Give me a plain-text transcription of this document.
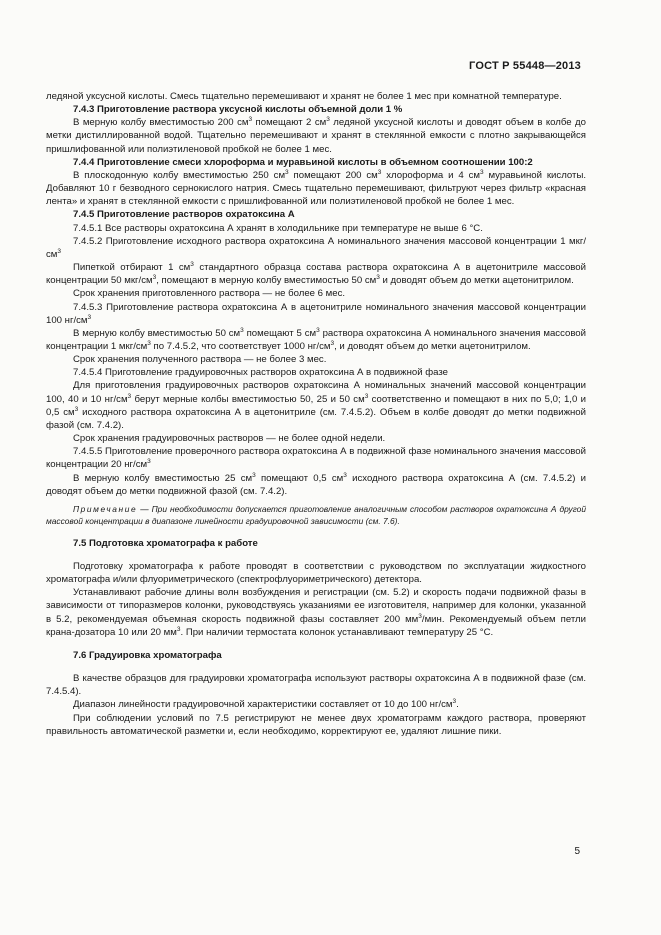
ГОСТ Р 55448—2013

ледяной уксусной кислоты. Смесь тщательно перемешивают и хранят не более 1 мес при комнатной температуре.

7.4.3 Приготовление раствора уксусной кислоты объемной доли 1 %

В мерную колбу вместимостью 200 $см^3$ помещают 2 $см^3$ ледяной уксусной кислоты и доводят объем в колбе до метки дистиллированной водой. Тщательно перемешивают и хранят в стеклянной емкости с плотно закрывающейся пришлифованной или полиэтиленовой пробкой не более 1 мес.

7.4.4 Приготовление смеси хлороформа и муравьиной кислоты в объемном соотношении 100:2

В плоскодонную колбу вместимостью 250 $см^3$ помещают 200 $см^3$ хлороформа и 4 $см^3$ муравьиной кислоты. Добавляют 10 г безводного сернокислого натрия. Смесь тщательно перемешивают, фильтруют через фильтр «красная лента» и хранят в стеклянной емкости с пришлифованной или полиэтиленовой пробкой не более 1 мес.

7.4.5 Приготовление растворов охратоксина А

7.4.5.1 Все растворы охратоксина А хранят в холодильнике при температуре не выше 6 °С.

7.4.5.2 Приготовление исходного раствора охратоксина А номинального значения массовой концентрации 1 мкг/$см^3$

Пипеткой отбирают 1 $см^3$ стандартного образца состава раствора охратоксина А в ацетонитриле массовой концентрации 50 мкг/$см^3$, помещают в мерную колбу вместимостью 50 $см^3$ и доводят объем до метки ацетонитрилом.

Срок хранения приготовленного раствора — не более 6 мес.

7.4.5.3 Приготовление раствора охратоксина А в ацетонитриле номинального значения массовой концентрации 100 $нг/см^3$

В мерную колбу вместимостью 50 $см^3$ помещают 5 $см^3$ раствора охратоксина А номинального значения массовой концентрации 1 мкг/$см^3$ по 7.4.5.2, что соответствует 1000 $нг/см^3$, и доводят объем до метки ацетонитрилом.

Срок хранения полученного раствора — не более 3 мес.

7.4.5.4 Приготовление градуировочных растворов охратоксина А в подвижной фазе

Для приготовления градуировочных растворов охратоксина А номинальных значений массовой концентрации 100, 40 и 10 $нг/см^3$ берут мерные колбы вместимостью 50, 25 и 50 $см^3$ соответственно и помещают в них по 5,0; 1,0 и 0,5 $см^3$ исходного раствора охратоксина А в ацетонитриле (см. 7.4.5.2). Объем в колбе доводят до метки подвижной фазой (см. 7.4.2).

Срок хранения градуировочных растворов — не более одной недели.

7.4.5.5 Приготовление проверочного раствора охратоксина А в подвижной фазе номинального значения массовой концентрации 20 $нг/см^3$

В мерную колбу вместимостью 25 $см^3$ помещают 0,5 $см^3$ исходного раствора охратоксина А (см. 7.4.5.2) и доводят объем до метки подвижной фазой (см. 7.4.2).

Примечание — При необходимости допускается приготовление аналогичным способом растворов охратоксина А другой массовой концентрации в диапазоне линейности градуировочной зависимости (см. 7.6).

7.5 Подготовка хроматографа к работе

Подготовку хроматографа к работе проводят в соответствии с руководством по эксплуатации жидкостного хроматографа и/или флуориметрического (спектрофлуориметрического) детектора.

Устанавливают рабочие длины волн возбуждения и регистрации (см. 5.2) и скорость подачи подвижной фазы в зависимости от типоразмеров колонки, руководствуясь указаниями ее изготовителя, например для колонки, указанной в 5.2, рекомендуемая объемная скорость подвижной фазы составляет 200 $мм^3$/мин. Рекомендуемый объем петли крана-дозатора 10 или 20 $мм^3$. При наличии термостата колонок устанавливают температуру 25 °С.

7.6 Градуировка хроматографа

В качестве образцов для градуировки хроматографа используют растворы охратоксина А в подвижной фазе (см. 7.4.5.4).

Диапазон линейности градуировочной характеристики составляет от 10 до 100 $нг/см^3$.

При соблюдении условий по 7.5 регистрируют не менее двух хроматограмм каждого раствора, проверяют правильность автоматической разметки и, если необходимо, корректируют ее, удаляют лишние пики.

5
